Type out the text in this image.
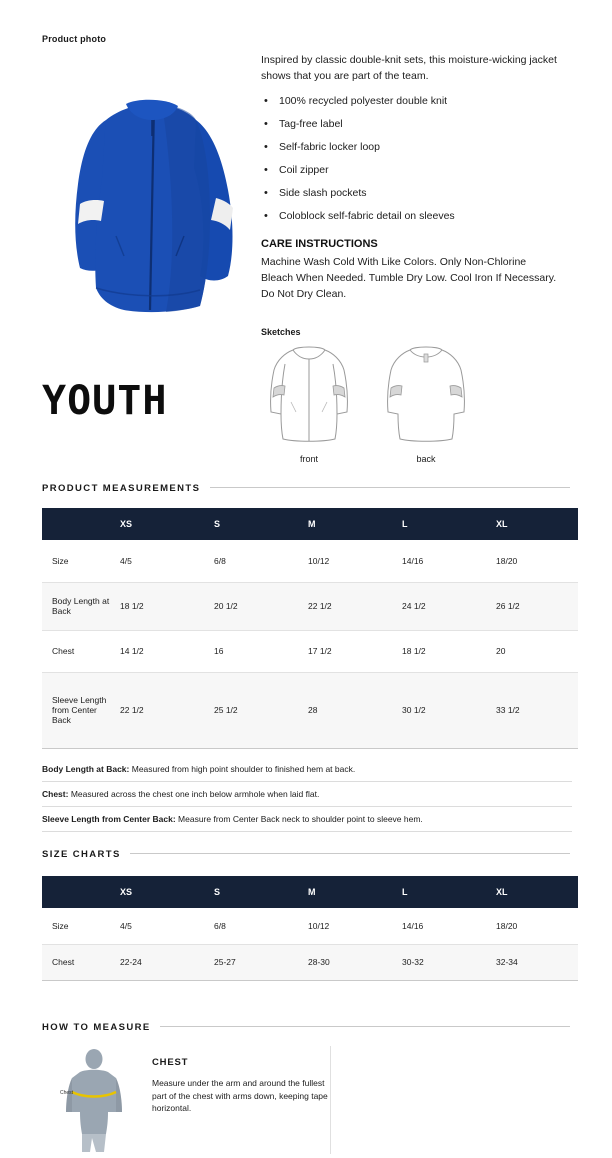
Product photo

Inspired by classic double-knit sets, this moisture-wicking jacket shows that you are part of the team.

• 100% recycled polyester double knit
• Tag-free label
• Self-fabric locker loop
• Coil zipper
• Side slash pockets
• Coloblock self-fabric detail on sleeves
CARE INSTRUCTIONS

Machine Wash Cold With Like Colors. Only Non-Chlorine Bleach When Needed. Tumble Dry Low. Cool Iron If Necessary. Do Not Dry Clean.

Sketches
front	back
YOUTH
PRODUCT MEASUREMENTS
	XS	S	M	L	XL
Size	4/5	6/8	10/12	14/16	18/20
Body Length at Back	18 1/2	20 1/2	22 1/2	24 1/2	26 1/2
Chest	14 1/2	16	17 1/2	18 1/2	20
Sleeve Length from Center Back	22 1/2	25 1/2	28	30 1/2	33 1/2
Body Length at Back: Measured from high point shoulder to finished hem at back.
Chest: Measured across the chest one inch below armhole when laid flat.
Sleeve Length from Center Back: Measure from Center Back neck to shoulder point to sleeve hem.
SIZE CHARTS
	XS	S	M	L	XL
Size	4/5	6/8	10/12	14/16	18/20
Chest	22-24	25-27	28-30	30-32	32-34
HOW TO MEASURE
Chest
CHEST
Measure under the arm and around the fullest part of the chest with arms down, keeping tape horizontal.
